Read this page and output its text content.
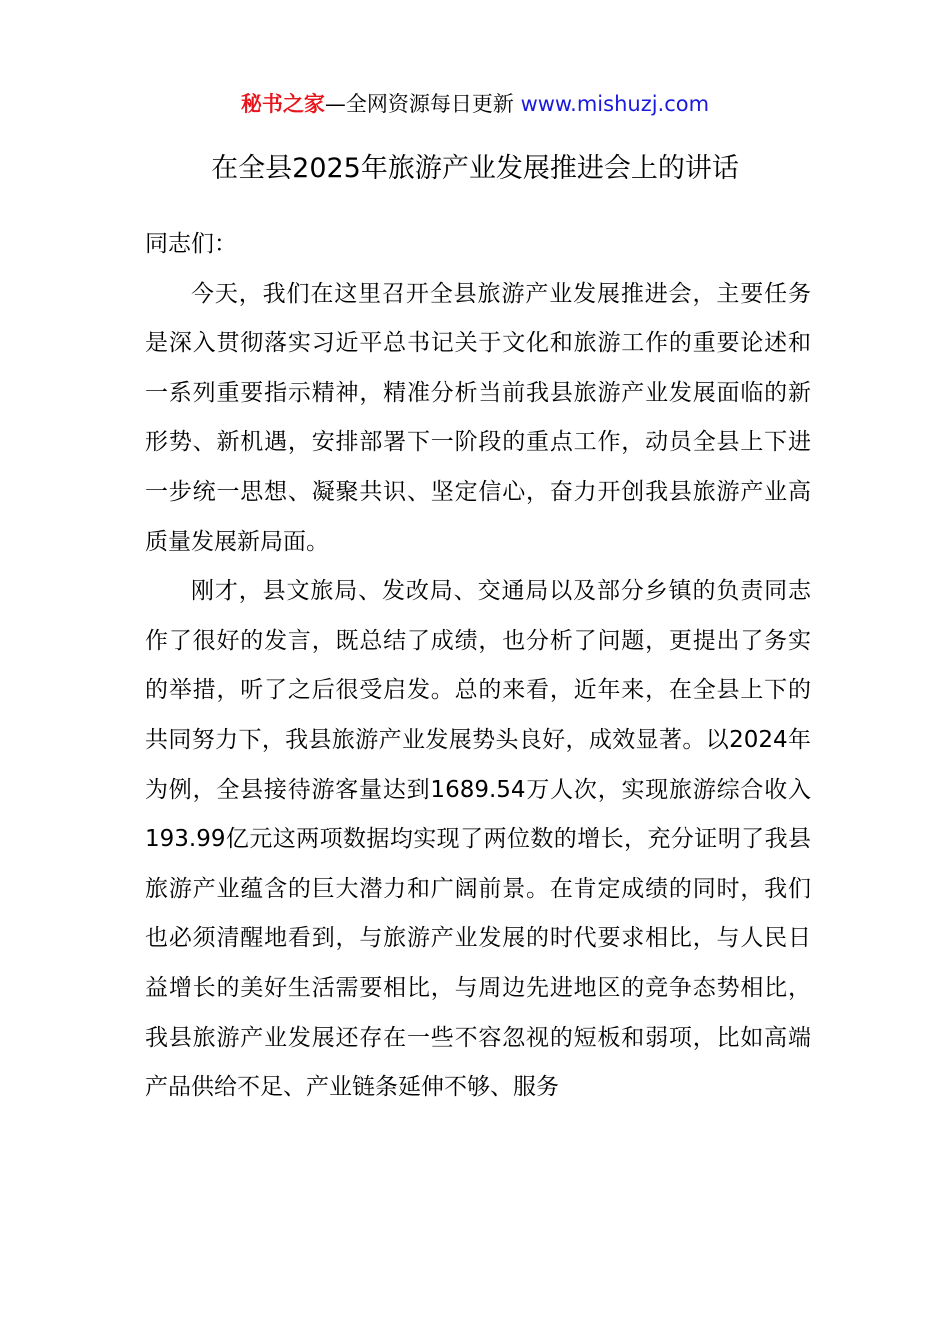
秘书之家—全网资源每日更新 www.mishuzj.com
在全县2025年旅游产业发展推进会上的讲话

同志们：

今天，我们在这里召开全县旅游产业发展推进会，主要任务是深入贯彻落实习近平总书记关于文化和旅游工作的重要论述和一系列重要指示精神，精准分析当前我县旅游产业发展面临的新形势、新机遇，安排部署下一阶段的重点工作，动员全县上下进一步统一思想、凝聚共识、坚定信心，奋力开创我县旅游产业高质量发展新局面。

刚才，县文旅局、发改局、交通局以及部分乡镇的负责同志作了很好的发言，既总结了成绩，也分析了问题，更提出了务实的举措，听了之后很受启发。总的来看，近年来，在全县上下的共同努力下，我县旅游产业发展势头良好，成效显著。以2024年为例，全县接待游客量达到1689.54万人次，实现旅游综合收入193.99亿元这两项数据均实现了两位数的增长，充分证明了我县旅游产业蕴含的巨大潜力和广阔前景。在肯定成绩的同时，我们也必须清醒地看到，与旅游产业发展的时代要求相比，与人民日益增长的美好生活需要相比，与周边先进地区的竞争态势相比，我县旅游产业发展还存在一些不容忽视的短板和弱项，比如高端产品供给不足、产业链条延伸不够、服务
